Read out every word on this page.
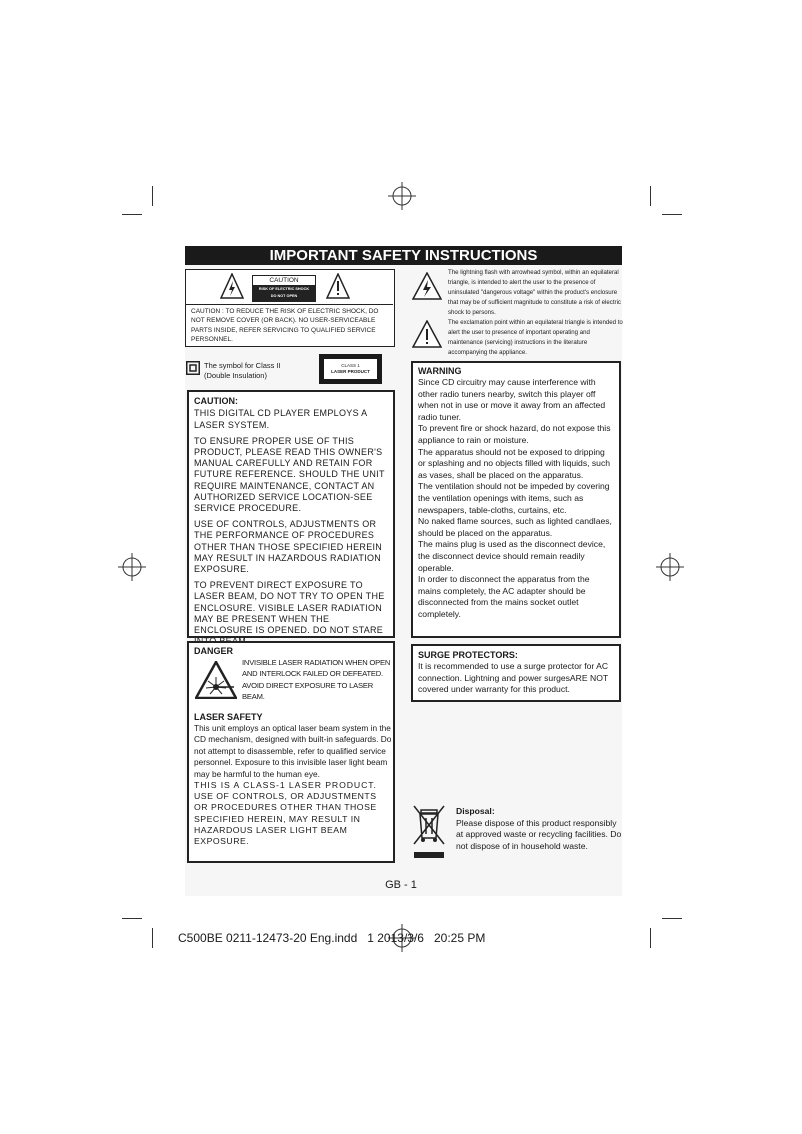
IMPORTANT SAFETY INSTRUCTIONS
CAUTION
RISK OF ELECTRIC SHOCK
DO NOT OPEN
CAUTION : TO REDUCE THE RISK OF ELECTRIC SHOCK, DO NOT REMOVE COVER (OR BACK). NO USER-SERVICEABLE PARTS INSIDE, REFER SERVICING TO QUALIFIED SERVICE PERSONNEL.
The lightning flash with arrowhead symbol, within an equilateral triangle, is intended to alert the user to the presence of uninsulated "dangerous voltage" within the product's enclosure that may be of sufficient magnitude to constitute a risk of electric shock to persons.
The exclamation point within an equilateral triangle is intended to alert the user to presence of important operating and maintenance (servicing) instructions in the literature accompanying the appliance.
The symbol for Class II
(Double Insulation)
CLASS 1
LASER PRODUCT
CAUTION:

THIS DIGITAL CD PLAYER EMPLOYS A LASER SYSTEM.

TO ENSURE PROPER USE OF THIS PRODUCT, PLEASE READ THIS OWNER'S MANUAL CAREFULLY AND RETAIN FOR FUTURE REFERENCE. SHOULD THE UNIT REQUIRE MAINTENANCE, CONTACT AN AUTHORIZED SERVICE LOCATION-SEE SERVICE PROCEDURE.

USE OF CONTROLS, ADJUSTMENTS OR THE PERFORMANCE OF PROCEDURES OTHER THAN THOSE SPECIFIED HEREIN MAY RESULT IN HAZARDOUS RADIATION EXPOSURE.

TO PREVENT DIRECT EXPOSURE TO LASER BEAM, DO NOT TRY TO OPEN THE ENCLOSURE. VISIBLE LASER RADIATION MAY BE PRESENT WHEN THE ENCLOSURE IS OPENED. DO NOT STARE

DANGER
INVISIBLE LASER RADIATION WHEN OPEN AND INTERLOCK FAILED OR DEFEATED. AVOID DIRECT EXPOSURE TO LASER BEAM.
LASER SAFETY

This unit employs an optical laser beam system in the CD mechanism, designed with built-in safeguards. Do not attempt to disassemble, refer to qualified service personnel. Exposure to this invisible laser light beam may be harmful to the human eye.

THIS IS A CLASS-1 LASER PRODUCT.

USE OF CONTROLS, OR ADJUSTMENTS OR PROCEDURES OTHER THAN THOSE SPECIFIED HEREIN, MAY RESULT IN HAZARDOUS LASER LIGHT BEAM EXPOSURE.

WARNING

Since CD circuitry may cause interference with other radio tuners nearby, switch this player off when not in use or move it away from an affected radio tuner.

To prevent fire or shock hazard, do not expose this appliance to rain or moisture.

The apparatus should not be exposed to dripping or splashing and no objects filled with liquids, such as vases, shall be placed on the apparatus.

The ventilation should not be impeded by covering the ventilation openings with items, such as newspapers, table-cloths, curtains, etc.

No naked flame sources, such as lighted candlaes, should be placed on the apparatus.

The mains plug is used as the disconnect device, the disconnect device should remain readily operable.

In order to disconnect the apparatus from the mains completely, the AC adapter should be disconnected from the mains socket outlet completely.

SURGE PROTECTORS:

It is recommended to use a surge protector for AC connection. Lightning and power surgesARE NOT covered under warranty for this product.

Disposal:

Please dispose of this product responsibly at approved waste or recycling facilities. Do not dispose of in household waste.

GB - 1
C500BE 0211-12473-20 Eng.indd   1 2013/3/6   20:25 PM
